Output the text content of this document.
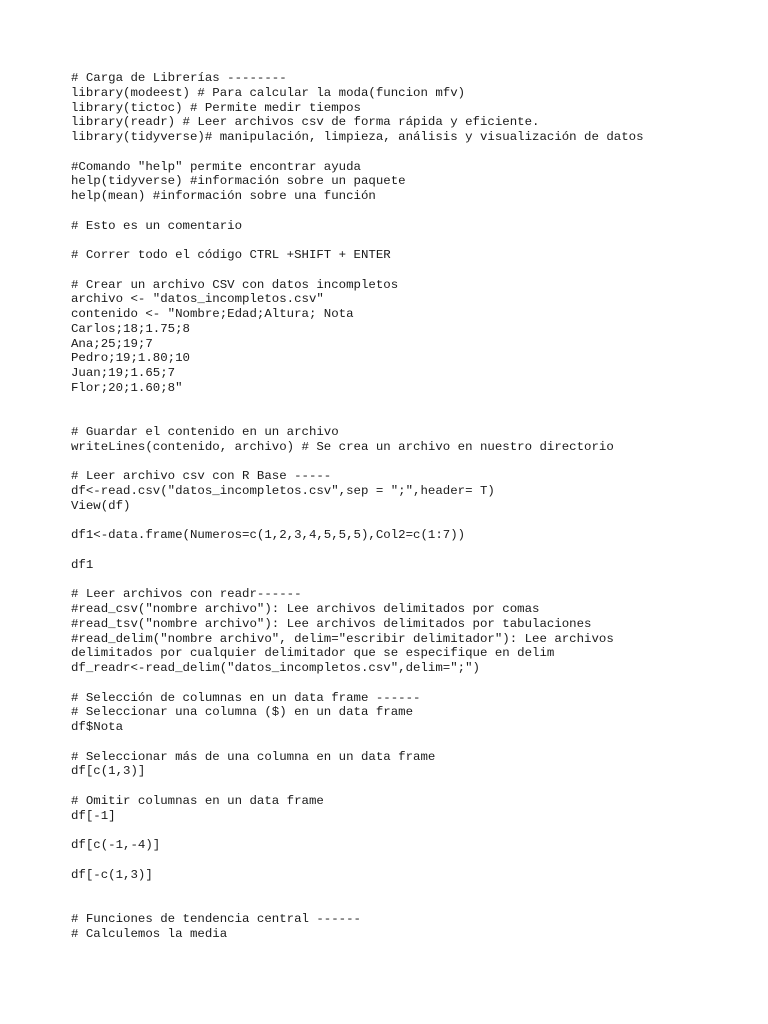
# Carga de Librerías --------
library(modeest) # Para calcular la moda(funcion mfv)
library(tictoc) # Permite medir tiempos
library(readr) # Leer archivos csv de forma rápida y eficiente.
library(tidyverse)# manipulación, limpieza, análisis y visualización de datos
#Comando "help" permite encontrar ayuda
help(tidyverse) #información sobre un paquete
help(mean) #información sobre una función
# Esto es un comentario
# Correr todo el código CTRL +SHIFT + ENTER
# Crear un archivo CSV con datos incompletos
archivo <- "datos_incompletos.csv"
contenido <- "Nombre;Edad;Altura; Nota
Carlos;18;1.75;8
Ana;25;19;7
Pedro;19;1.80;10
Juan;19;1.65;7
Flor;20;1.60;8"
# Guardar el contenido en un archivo
writeLines(contenido, archivo) # Se crea un archivo en nuestro directorio
# Leer archivo csv con R Base -----
df<-read.csv("datos_incompletos.csv",sep = ";",header= T)
View(df)
df1<-data.frame(Numeros=c(1,2,3,4,5,5,5),Col2=c(1:7))
df1
# Leer archivos con readr------
#read_csv("nombre archivo"): Lee archivos delimitados por comas
#read_tsv("nombre archivo"): Lee archivos delimitados por tabulaciones
#read_delim("nombre archivo", delim="escribir delimitador"): Lee archivos
delimitados por cualquier delimitador que se especifique en delim
df_readr<-read_delim("datos_incompletos.csv",delim=";")
# Selección de columnas en un data frame ------
# Seleccionar una columna ($) en un data frame
df$Nota
# Seleccionar más de una columna en un data frame
df[c(1,3)]
# Omitir columnas en un data frame
df[-1]
df[c(-1,-4)]
df[-c(1,3)]
# Funciones de tendencia central ------
# Calculemos la media
